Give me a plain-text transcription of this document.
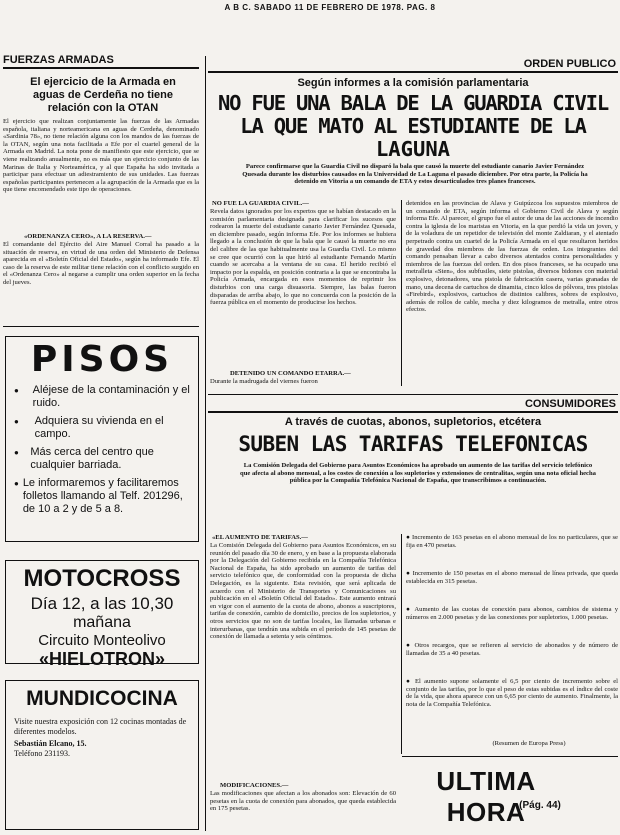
A B C. SABADO 11 DE FEBRERO DE 1978. PAG. 8
FUERZAS ARMADAS
El ejercicio de la Armada en aguas de Cerdeña no tiene relación con la OTAN
El ejercicio que realizan conjuntamente las fuerzas de las Armadas española, italiana y norteamericana en aguas de Cerdeña, denominado «Sardinia 78», no tiene relación alguna con los mandos de las fuerzas de la OTAN, según una nota facilitada a Efe por el cuartel general de la Armada en Madrid. La nota pone de manifiesto que este ejercicio, que se viene realizando anualmente, no es más que un ejercicio conjunto de las Marinas de Italia y Norteamérica, y al que España ha sido invitada a participar para efectuar un adiestramiento de sus unidades. Las fuerzas españolas participantes pertenecen a la agrupación de la Armada que es la que tiene encomendado este tipo de operaciones.
«ORDENANZA CERO», A LA RESERVA.—
El comandante del Ejército del Aire Manuel Corral ha pasado a la situación de reserva, en virtud de una orden del Ministerio de Defensa aparecida en el «Boletín Oficial del Estado», según ha informado Efe. El caso de la reserva de este militar tiene relación con el conflicto surgido en el «Ordenanza Cero» al negarse a cumplir una orden superior en la fecha del jueves.
PISOS
●	Aléjese de la contaminación y el ruido.
●	Adquiera su vivienda en el campo.
●	Más cerca del centro que cualquier barriada.
● Le informaremos y facilitaremos folletos llamando al Telf. 201296, de 10 a 2 y de 5 a 8.
MOTOCROSS
Día 12, a las 10,30
mañana
Circuito Monteolivo
«HIELOTRON»
MUNDICOCINA
Visite nuestra exposición con 12 cocinas montadas de diferentes modelos.
Sebastián Elcano, 15.
Teléfono 231193.
ORDEN PUBLICO
Según informes a la comisión parlamentaria
NO FUE UNA BALA DE LA GUARDIA CIVIL
LA QUE MATO AL ESTUDIANTE DE LA
LAGUNA
Parece confirmarse que la Guardia Civil no disparó la bala que causó la muerte del estudiante canario Javier Fernández Quesada durante los disturbios causados en la Universidad de La Laguna el pasado diciembre. Por otra parte, la Policía ha detenido en Vitoria a un comando de ETA y estos desarticulados tres planes franceses.
NO FUE LA GUARDIA CIVIL.—
Revela datos ignorados por los expertos que se habían destacado en la comisión parlamentaria designada para clarificar los sucesos que rodearon la muerte del estudiante canario Javier Fernández Quesada, en diciembre pasado, según informa Efe. Por los informes se hubiera llegado a la conclusión de que la bala que le causó la muerte no era del calibre de las que habitualmente usa la Guardia Civil. Lo mismo se cree que ocurrió con la que hirió al estudiante Fernando Martín cuando se acercaba a la ventana de su casa. El herido recibió el impacto por la espalda, en posición contraria a la que se encontraba la Policía Armada, encargada en esos momentos de reprimir los disturbios con una carga disuasoria. Siempre, las balas fueron disparadas de arriba abajo, lo que no concuerda con la posición de la fuerza pública en el momento de producirse los hechos.
DETENIDO UN COMANDO ETARRA.—
Durante la madrugada del viernes fueron
detenidos en las provincias de Alava y Guipúzcoa los supuestos miembros de un comando de ETA, según informa el Gobierno Civil de Alava y según informa Efe. Al parecer, el grupo fue el autor de una de las acciones de incendio contra la iglesia de los maristas en Vitoria, en la que perdió la vida un joven, y de la voladura de un repetidor de televisión del monte Zaldiaran, y el atentado perpetrado contra un cuartel de la Policía Armada en el que resultaron heridos de gravedad dos miembros de las fuerzas de orden. Los integrantes del comando pensaban llevar a cabo diversos atentados contra personalidades y miembros de las fuerzas del orden. En dos pisos franceses, se ha ocupado una metralleta «Sten», dos subfusiles, siete pistolas, diversos bidones con material explosivo, detonadores, una pistola de fabricación casera, varias granadas de mano, una decena de cartuchos de dinamita, cinco kilos de pólvora, tres pistolas «Firebird», explosivos, cartuchos de distintos calibres, sobres de explosivo, además de rollos de cable, mecha y diez kilogramos de metralla, entre otros efectos.
CONSUMIDORES
A través de cuotas, abonos, supletorios, etcétera
SUBEN LAS TARIFAS TELEFONICAS
La Comisión Delegada del Gobierno para Asuntos Económicos ha aprobado un aumento de las tarifas del servicio telefónico que afecta al abono mensual, a los costes de conexión a los supletorios y extensiones de centralitas, según una nota oficial hecha pública por la Compañía Telefónica Nacional de España, que transcribimos a continuación.
«EL AUMENTO DE TARIFAS.—
La Comisión Delegada del Gobierno para Asuntos Económicos, en su reunión del pasado día 30 de enero, y en base a la propuesta elaborada por la Delegación del Gobierno recibida en la Compañía Telefónica Nacional de España, ha sido aprobado un aumento de tarifas del servicio telefónico que, de conformidad con la propuesta de dicha Delegación, es la siguiente. Esta revisión, que será aplicada de acuerdo con el Ministerio de Transportes y Comunicaciones su publicación en el «Boletín Oficial del Estado». Este aumento entrará en vigor con el aumento de la cuota de abono, abonos a suscriptores, tarifas de conexión, cambio de domicilio, precios de los supletorios, y otros servicios que no son de tarifas locales, las llamadas urbanas e interurbanas, que tendrán una subida en el período de 145 pesetas de conexión de llamada a setenta y seis céntimos.
MODIFICACIONES.—
Las modificaciones que afectan a los abonados son: Elevación de 60 pesetas en la cuota de conexión para abonados, que queda establecida en 175 pesetas.
● Incremento de 163 pesetas en el abono mensual de los no particulares, que se fija en 470 pesetas.
● Incremento de 150 pesetas en el abono mensual de línea privada, que queda establecida en 315 pesetas.
● Aumento de las cuotas de conexión para abonos, cambios de sistema y números en 2.000 pesetas y de las conexiones por supletorios, 1.000 pesetas.
● Otros recargos, que se refieren al servicio de abonados y de número de llamadas de 35 a 40 pesetas.
● El aumento supone solamente el 6,5 por ciento de incremento sobre el conjunto de las tarifas, por lo que el peso de estas subidas es el índice del coste de la vida, que ahora aparece con un 6,65 por ciento de aumento. Finalmente, la nota de la Compañía Telefónica.
(Resumen de Europa Press)
ULTIMA HORA
(Pág. 44)
